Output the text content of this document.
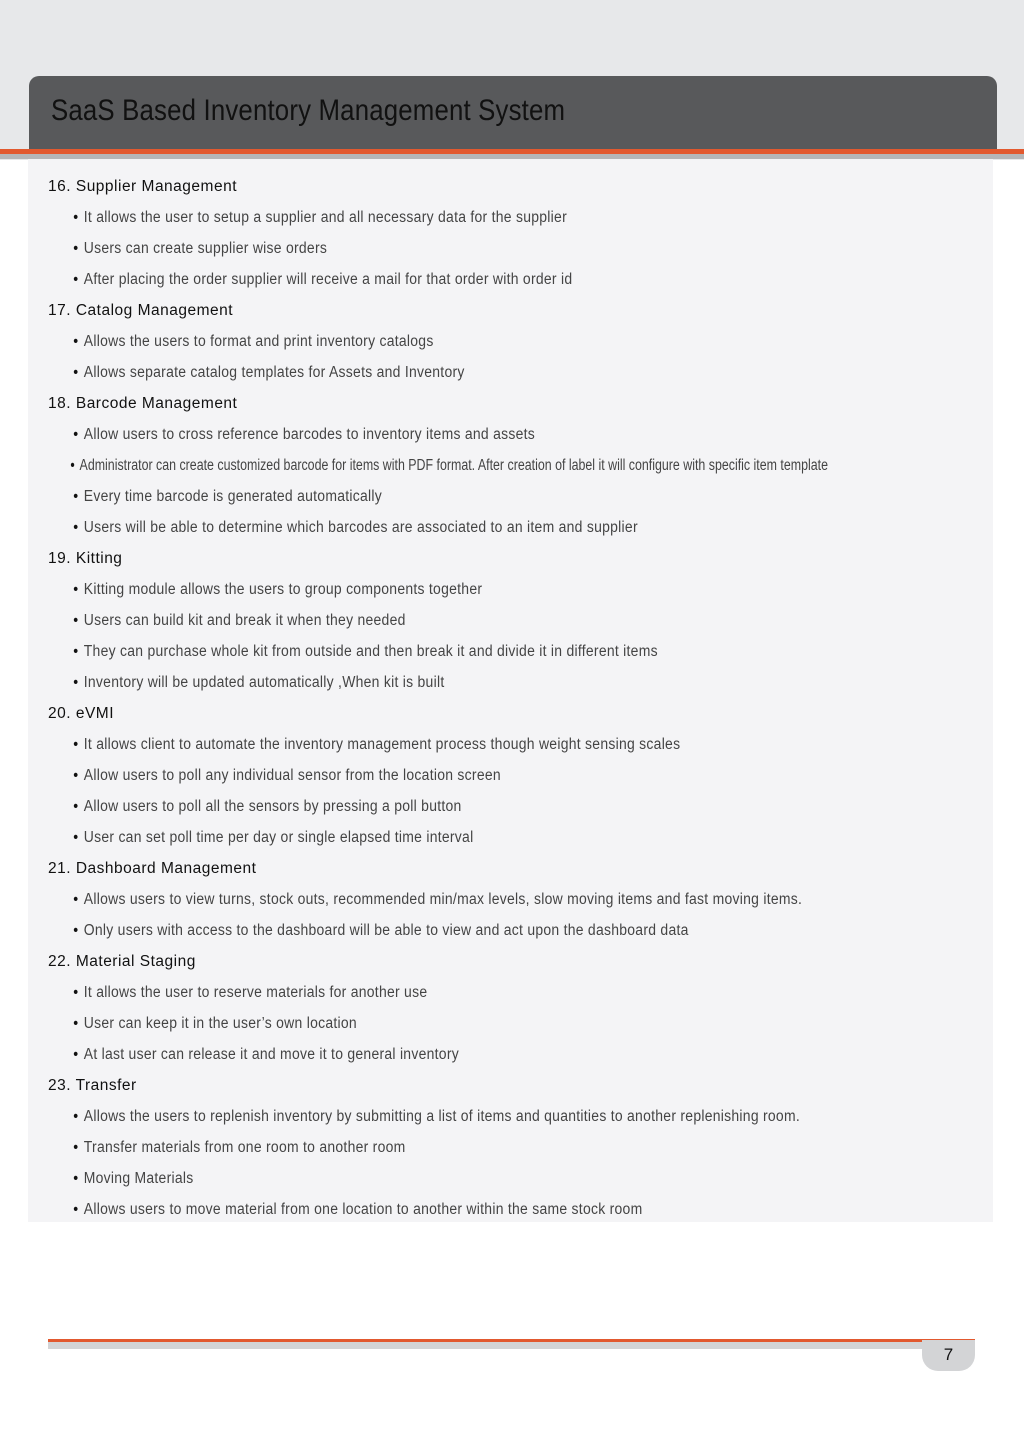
SaaS Based Inventory Management System
16. Supplier Management
• It allows the user to setup a supplier and all necessary data for the supplier
• Users can create supplier wise orders
• After placing the order supplier will receive a mail for that order with order id
17. Catalog Management
• Allows the users to format and print inventory catalogs
• Allows separate catalog templates for Assets and Inventory
18. Barcode Management
• Allow users to cross reference barcodes to inventory items and assets
• Administrator can create customized barcode for items with PDF format. After creation of label it will configure with specific item template
• Every time barcode is generated automatically
• Users will be able to determine which barcodes are associated to an item and supplier
19. Kitting
• Kitting module allows the users to group components together
• Users can build kit and break it when they needed
• They can purchase whole kit from outside and then break it and divide it in different items
• Inventory will be updated automatically ,When kit is built
20. eVMI
• It allows client to automate the inventory management process though weight sensing scales
• Allow users to poll any individual sensor from the location screen
• Allow users to poll all the sensors by pressing a poll button
• User can set poll time per day or single elapsed time interval
21. Dashboard Management
• Allows users to view turns, stock outs, recommended min/max levels, slow moving items and fast moving items.
• Only users with access to the dashboard will be able to view and act upon the dashboard data
22. Material Staging
• It allows the user to reserve materials for another use
• User can keep it in the user’s own location
• At last user can release it and move it to general inventory
23. Transfer
• Allows the users to replenish inventory by submitting a list of items and quantities to another replenishing room.
• Transfer materials from one room to another room
• Moving Materials
• Allows users to move material from one location to another within the same stock room
7
